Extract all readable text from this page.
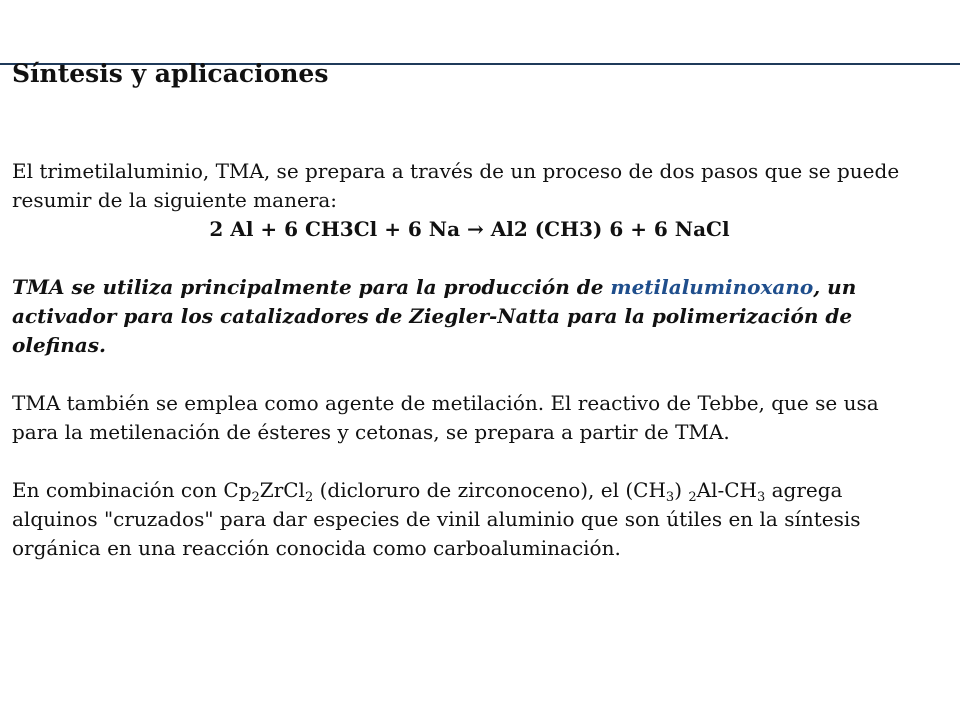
Síntesis y aplicaciones

El trimetilaluminio, TMA, se prepara a través de un proceso de dos pasos que se puede resumir de la siguiente manera:

2 Al + 6 CH3Cl + 6 Na → Al2 (CH3) 6 + 6 NaCl

TMA se utiliza principalmente para la producción de metilaluminoxano, un activador para los catalizadores de Ziegler-Natta para la polimerización de olefinas.

TMA también se emplea como agente de metilación. El reactivo de Tebbe, que se usa para la metilenación de ésteres y cetonas, se prepara a partir de TMA.

En combinación con $Cp_2ZrCl_2$ (dicloruro de zirconoceno), el $(CH_3)$ $_2Al-CH_3$ agrega alquinos "cruzados" para dar especies de vinil aluminio que son útiles en la síntesis orgánica en una reacción conocida como carboaluminación.
